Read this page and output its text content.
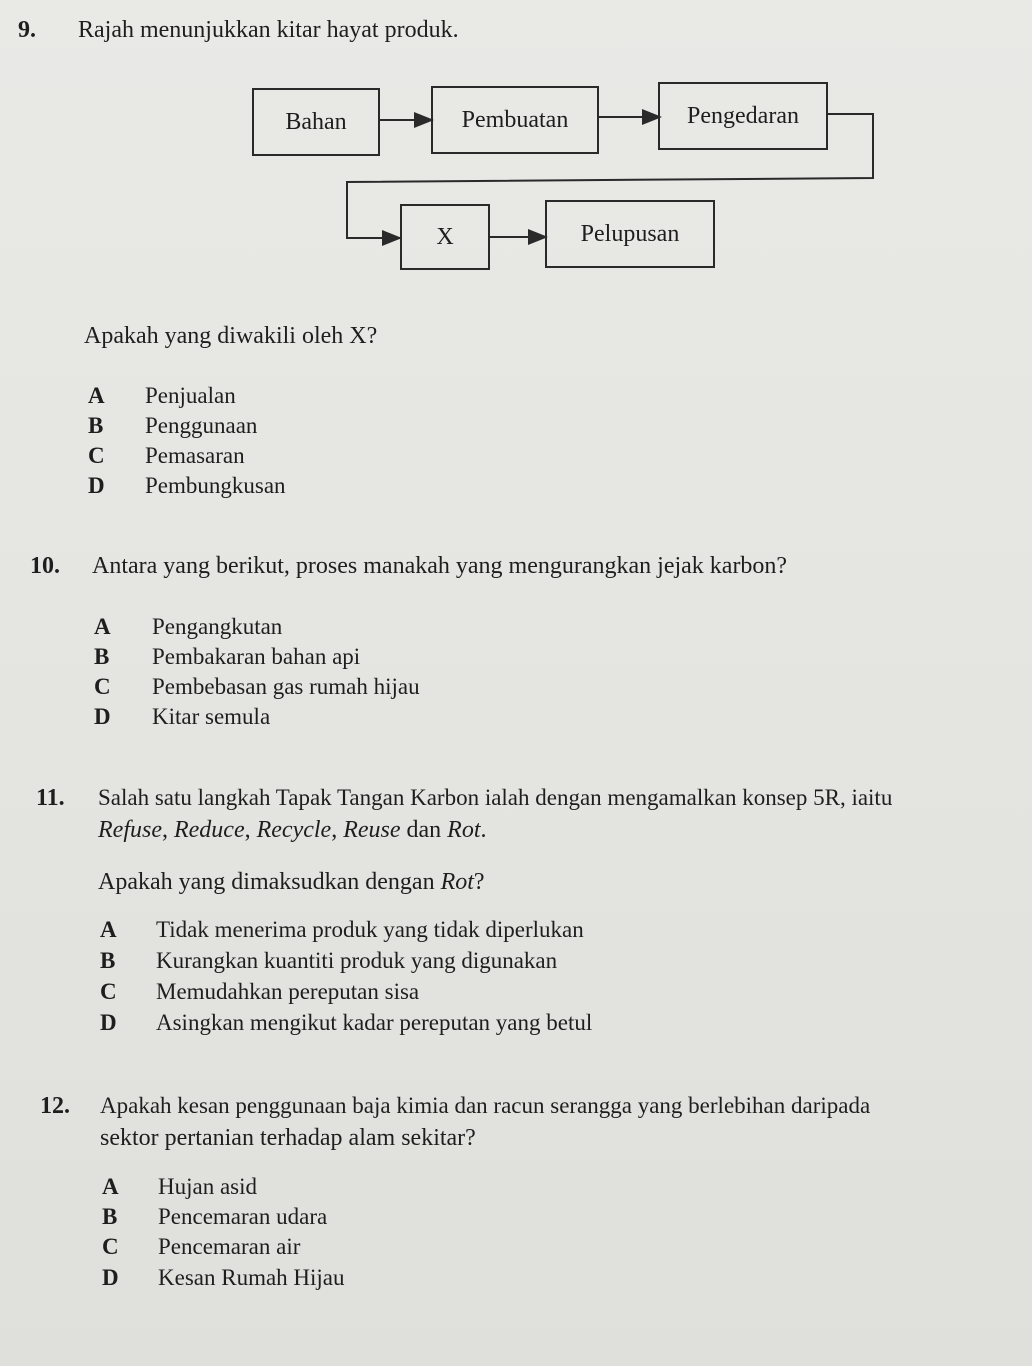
9. Rajah menunjukkan kitar hayat produk.
Bahan	Pembuatan	Pengedaran
X	Pelupusan
Apakah yang diwakili oleh X?
A Penjualan
B Penggunaan
C Pemasaran
D Pembungkusan
10. Antara yang berikut, proses manakah yang mengurangkan jejak karbon?
A Pengangkutan
B Pembakaran bahan api
C Pembebasan gas rumah hijau
D Kitar semula
11. Salah satu langkah Tapak Tangan Karbon ialah dengan mengamalkan konsep 5R, iaitu
Refuse, Reduce, Recycle, Reuse dan Rot.
Apakah yang dimaksudkan dengan Rot?
A Tidak menerima produk yang tidak diperlukan
B Kurangkan kuantiti produk yang digunakan
C Memudahkan pereputan sisa
D Asingkan mengikut kadar pereputan yang betul
12. Apakah kesan penggunaan baja kimia dan racun serangga yang berlebihan daripada
sektor pertanian terhadap alam sekitar?
A Hujan asid
B Pencemaran udara
C Pencemaran air
D Kesan Rumah Hijau
